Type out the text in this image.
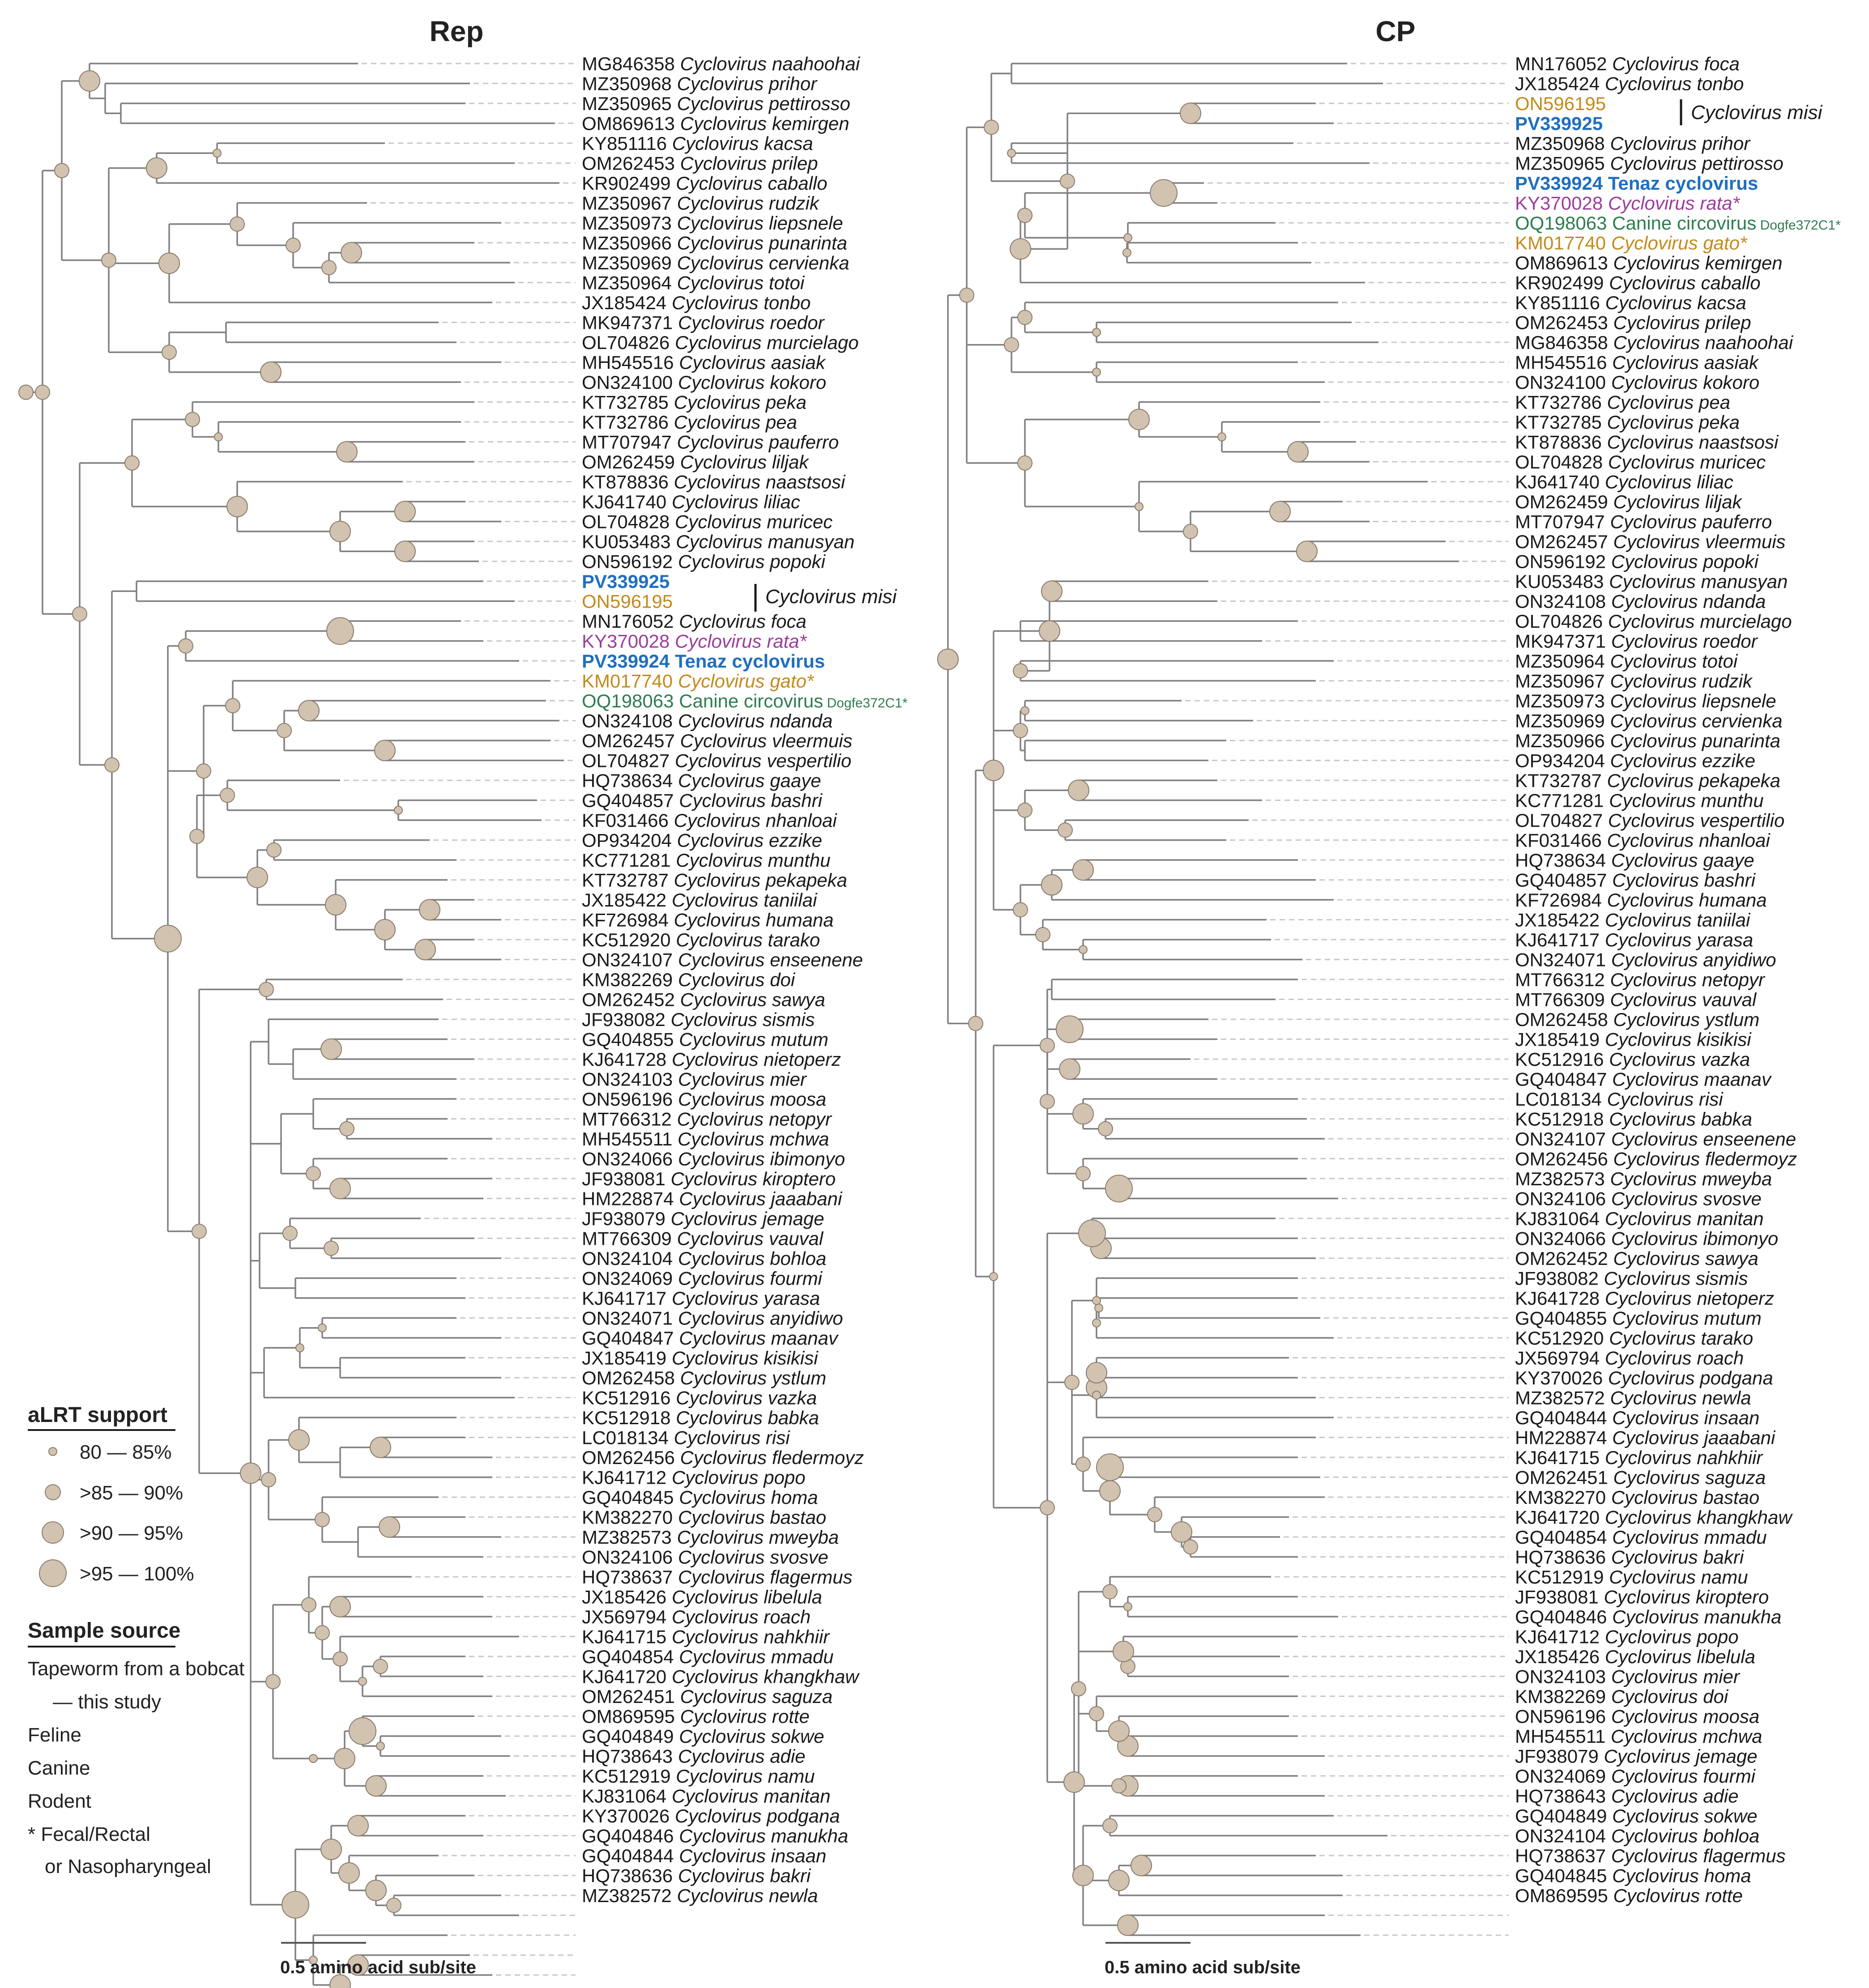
Rep
MG846358 Cyclovirus naahoohai
MZ350968 Cyclovirus prihor
MZ350965 Cyclovirus pettirosso
OM869613 Cyclovirus kemirgen
KY851116 Cyclovirus kacsa
OM262453 Cyclovirus prilep
KR902499 Cyclovirus caballo
MZ350967 Cyclovirus rudzik
MZ350973 Cyclovirus liepsnele
MZ350966 Cyclovirus punarinta
MZ350969 Cyclovirus cervienka
MZ350964 Cyclovirus totoi
JX185424 Cyclovirus tonbo
MK947371 Cyclovirus roedor
OL704826 Cyclovirus murcielago
MH545516 Cyclovirus aasiak
ON324100 Cyclovirus kokoro
KT732785 Cyclovirus peka
KT732786 Cyclovirus pea
MT707947 Cyclovirus pauferro
OM262459 Cyclovirus liljak
KT878836 Cyclovirus naastsosi
KJ641740 Cyclovirus liliac
OL704828 Cyclovirus muricec
KU053483 Cyclovirus manusyan
ON596192 Cyclovirus popoki
PV339925
ON596195
MN176052 Cyclovirus foca
KY370028 Cyclovirus rata*
PV339924 Tenaz cyclovirus
KM017740 Cyclovirus gato*
OQ198063 Canine circovirus Dogfe372C1*
ON324108 Cyclovirus ndanda
OM262457 Cyclovirus vleermuis
OL704827 Cyclovirus vespertilio
HQ738634 Cyclovirus gaaye
GQ404857 Cyclovirus bashri
KF031466 Cyclovirus nhanloai
OP934204 Cyclovirus ezzike
KC771281 Cyclovirus munthu
KT732787 Cyclovirus pekapeka
JX185422 Cyclovirus taniilai
KF726984 Cyclovirus humana
KC512920 Cyclovirus tarako
ON324107 Cyclovirus enseenene
KM382269 Cyclovirus doi
OM262452 Cyclovirus sawya
JF938082 Cyclovirus sismis
GQ404855 Cyclovirus mutum
KJ641728 Cyclovirus nietoperz
ON324103 Cyclovirus mier
ON596196 Cyclovirus moosa
MT766312 Cyclovirus netopyr
MH545511 Cyclovirus mchwa
ON324066 Cyclovirus ibimonyo
JF938081 Cyclovirus kiroptero
HM228874 Cyclovirus jaaabani
JF938079 Cyclovirus jemage
MT766309 Cyclovirus vauval
ON324104 Cyclovirus bohloa
ON324069 Cyclovirus fourmi
KJ641717 Cyclovirus yarasa
ON324071 Cyclovirus anyidiwo
GQ404847 Cyclovirus maanav
JX185419 Cyclovirus kisikisi
OM262458 Cyclovirus ystlum
KC512916 Cyclovirus vazka
KC512918 Cyclovirus babka
LC018134 Cyclovirus risi
OM262456 Cyclovirus fledermoyz
KJ641712 Cyclovirus popo
GQ404845 Cyclovirus homa
KM382270 Cyclovirus bastao
MZ382573 Cyclovirus mweyba
ON324106 Cyclovirus svosve
HQ738637 Cyclovirus flagermus
JX185426 Cyclovirus libelula
JX569794 Cyclovirus roach
KJ641715 Cyclovirus nahkhiir
GQ404854 Cyclovirus mmadu
KJ641720 Cyclovirus khangkhaw
OM262451 Cyclovirus saguza
OM869595 Cyclovirus rotte
GQ404849 Cyclovirus sokwe
HQ738643 Cyclovirus adie
KC512919 Cyclovirus namu
KJ831064 Cyclovirus manitan
KY370026 Cyclovirus podgana
GQ404846 Cyclovirus manukha
GQ404844 Cyclovirus insaan
HQ738636 Cyclovirus bakri
MZ382572 Cyclovirus newla
Cyclovirus misi
0.5 amino acid sub/site
CP
MN176052 Cyclovirus foca
JX185424 Cyclovirus tonbo
ON596195
PV339925
MZ350968 Cyclovirus prihor
MZ350965 Cyclovirus pettirosso
PV339924 Tenaz cyclovirus
KY370028 Cyclovirus rata*
OQ198063 Canine circovirus Dogfe372C1*
KM017740 Cyclovirus gato*
OM869613 Cyclovirus kemirgen
KR902499 Cyclovirus caballo
KY851116 Cyclovirus kacsa
OM262453 Cyclovirus prilep
MG846358 Cyclovirus naahoohai
MH545516 Cyclovirus aasiak
ON324100 Cyclovirus kokoro
KT732786 Cyclovirus pea
KT732785 Cyclovirus peka
KT878836 Cyclovirus naastsosi
OL704828 Cyclovirus muricec
KJ641740 Cyclovirus liliac
OM262459 Cyclovirus liljak
MT707947 Cyclovirus pauferro
OM262457 Cyclovirus vleermuis
ON596192 Cyclovirus popoki
KU053483 Cyclovirus manusyan
ON324108 Cyclovirus ndanda
OL704826 Cyclovirus murcielago
MK947371 Cyclovirus roedor
MZ350964 Cyclovirus totoi
MZ350967 Cyclovirus rudzik
MZ350973 Cyclovirus liepsnele
MZ350969 Cyclovirus cervienka
MZ350966 Cyclovirus punarinta
OP934204 Cyclovirus ezzike
KT732787 Cyclovirus pekapeka
KC771281 Cyclovirus munthu
OL704827 Cyclovirus vespertilio
KF031466 Cyclovirus nhanloai
HQ738634 Cyclovirus gaaye
GQ404857 Cyclovirus bashri
KF726984 Cyclovirus humana
JX185422 Cyclovirus taniilai
KJ641717 Cyclovirus yarasa
ON324071 Cyclovirus anyidiwo
MT766312 Cyclovirus netopyr
MT766309 Cyclovirus vauval
OM262458 Cyclovirus ystlum
JX185419 Cyclovirus kisikisi
KC512916 Cyclovirus vazka
GQ404847 Cyclovirus maanav
LC018134 Cyclovirus risi
KC512918 Cyclovirus babka
ON324107 Cyclovirus enseenene
OM262456 Cyclovirus fledermoyz
MZ382573 Cyclovirus mweyba
ON324106 Cyclovirus svosve
KJ831064 Cyclovirus manitan
ON324066 Cyclovirus ibimonyo
OM262452 Cyclovirus sawya
JF938082 Cyclovirus sismis
KJ641728 Cyclovirus nietoperz
GQ404855 Cyclovirus mutum
KC512920 Cyclovirus tarako
JX569794 Cyclovirus roach
KY370026 Cyclovirus podgana
MZ382572 Cyclovirus newla
GQ404844 Cyclovirus insaan
HM228874 Cyclovirus jaaabani
KJ641715 Cyclovirus nahkhiir
OM262451 Cyclovirus saguza
KM382270 Cyclovirus bastao
KJ641720 Cyclovirus khangkhaw
GQ404854 Cyclovirus mmadu
HQ738636 Cyclovirus bakri
KC512919 Cyclovirus namu
JF938081 Cyclovirus kiroptero
GQ404846 Cyclovirus manukha
KJ641712 Cyclovirus popo
JX185426 Cyclovirus libelula
ON324103 Cyclovirus mier
KM382269 Cyclovirus doi
ON596196 Cyclovirus moosa
MH545511 Cyclovirus mchwa
JF938079 Cyclovirus jemage
ON324069 Cyclovirus fourmi
HQ738643 Cyclovirus adie
GQ404849 Cyclovirus sokwe
ON324104 Cyclovirus bohloa
HQ738637 Cyclovirus flagermus
GQ404845 Cyclovirus homa
OM869595 Cyclovirus rotte
Cyclovirus misi
0.5 amino acid sub/site
aLRT support
80 — 85%
>85 — 90%
>90 — 95%
>95 — 100%
Sample source
Tapeworm from a bobcat
— this study
Feline
Canine
Rodent
* Fecal/Rectal
or Nasopharyngeal
